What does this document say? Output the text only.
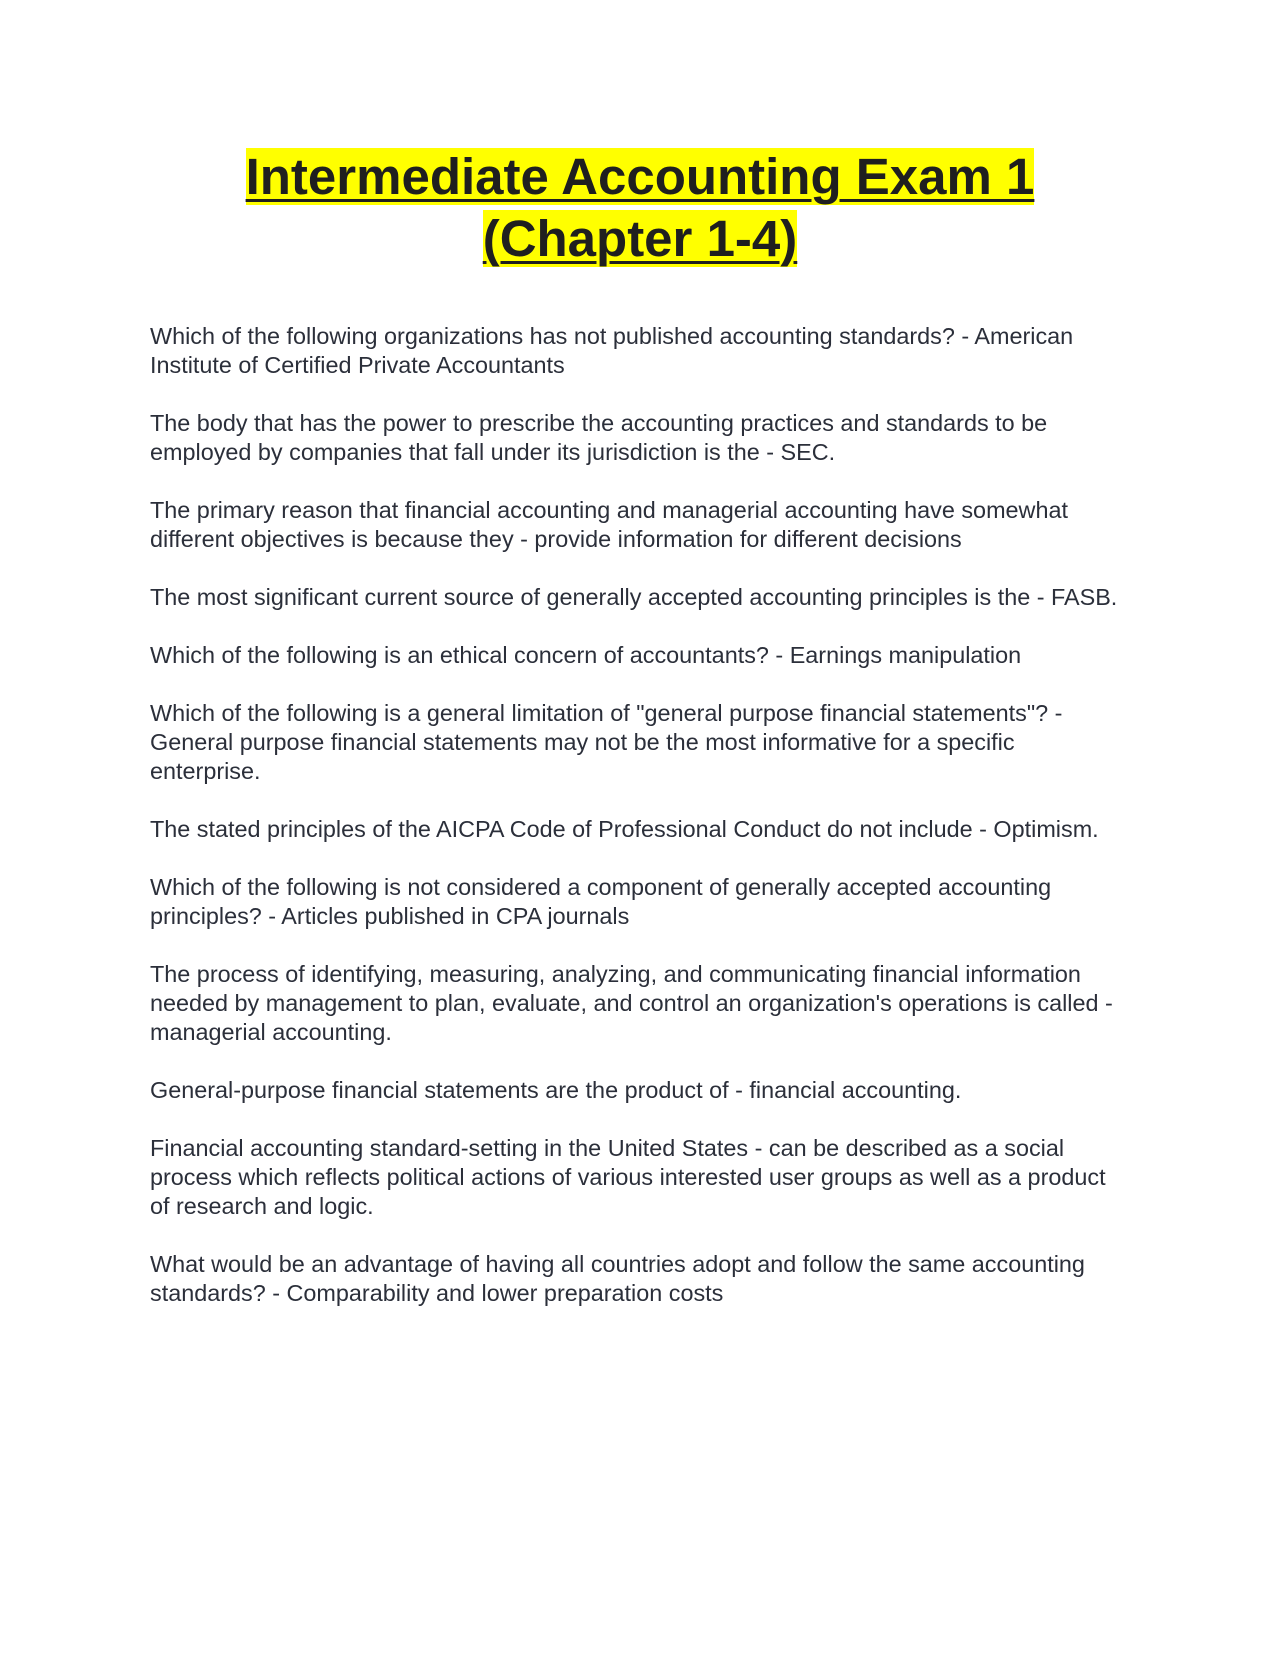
Intermediate Accounting Exam 1
(Chapter 1-4)

Which of the following organizations has not published accounting standards? - American Institute of Certified Private Accountants

The body that has the power to prescribe the accounting practices and standards to be employed by companies that fall under its jurisdiction is the - SEC.

The primary reason that financial accounting and managerial accounting have somewhat different objectives is because they - provide information for different decisions

The most significant current source of generally accepted accounting principles is the - FASB.

Which of the following is an ethical concern of accountants? - Earnings manipulation

Which of the following is a general limitation of "general purpose financial statements"? - General purpose financial statements may not be the most informative for a specific enterprise.

The stated principles of the AICPA Code of Professional Conduct do not include - Optimism.

Which of the following is not considered a component of generally accepted accounting principles? - Articles published in CPA journals

The process of identifying, measuring, analyzing, and communicating financial information needed by management to plan, evaluate, and control an organization's operations is called - managerial accounting.

General-purpose financial statements are the product of - financial accounting.

Financial accounting standard-setting in the United States - can be described as a social process which reflects political actions of various interested user groups as well as a product of research and logic.

What would be an advantage of having all countries adopt and follow the same accounting standards? - Comparability and lower preparation costs
